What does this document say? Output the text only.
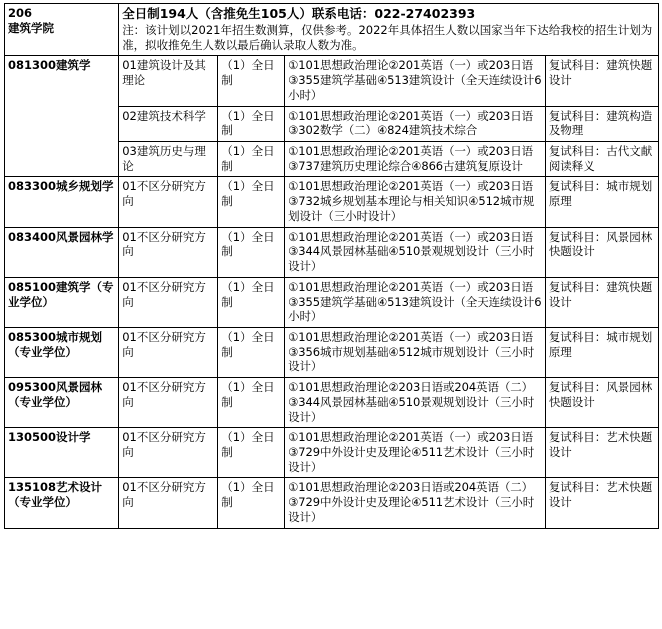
206
建筑学院

全日制194人（含推免生105人）联系电话：022-27402393
注：该计划以2021年招生数测算，仅供参考。2022年具体招生人数以国家当年下达给我校的招生计划为准，拟收推免生人数以最后确认录取人数为准。
081300建筑学	01建筑设计及其理论	（1）全日制	①101思想政治理论②201英语（一）或203日语③355建筑学基础④513建筑设计（全天连续设计6小时）	复试科目：建筑快题设计
	02建筑技术科学	（1）全日制	①101思想政治理论②201英语（一）或203日语③302数学（二）④824建筑技术综合	复试科目：建筑构造及物理
	03建筑历史与理论	（1）全日制	①101思想政治理论②201英语（一）或203日语③737建筑历史理论综合④866古建筑复原设计	复试科目：古代文献阅读释义
083300城乡规划学	01不区分研究方向	（1）全日制	①101思想政治理论②201英语（一）或203日语③732城乡规划基本理论与相关知识④512城市规划设计（三小时设计）	复试科目：城市规划原理
083400风景园林学	01不区分研究方向	（1）全日制	①101思想政治理论②201英语（一）或203日语③344风景园林基础④510景观规划设计（三小时设计）	复试科目：风景园林快题设计
085100建筑学（专业学位）	01不区分研究方向	（1）全日制	①101思想政治理论②201英语（一）或203日语③355建筑学基础④513建筑设计（全天连续设计6小时）	复试科目：建筑快题设计
085300城市规划（专业学位）	01不区分研究方向	（1）全日制	①101思想政治理论②201英语（一）或203日语③356城市规划基础④512城市规划设计（三小时设计）	复试科目：城市规划原理
095300风景园林（专业学位）	01不区分研究方向	（1）全日制	①101思想政治理论②203日语或204英语（二）③344风景园林基础④510景观规划设计（三小时设计）	复试科目：风景园林快题设计
130500设计学	01不区分研究方向	（1）全日制	①101思想政治理论②201英语（一）或203日语③729中外设计史及理论④511艺术设计（三小时设计）	复试科目：艺术快题设计
135108艺术设计（专业学位）	01不区分研究方向	（1）全日制	①101思想政治理论②203日语或204英语（二）③729中外设计史及理论④511艺术设计（三小时设计）	复试科目：艺术快题设计
